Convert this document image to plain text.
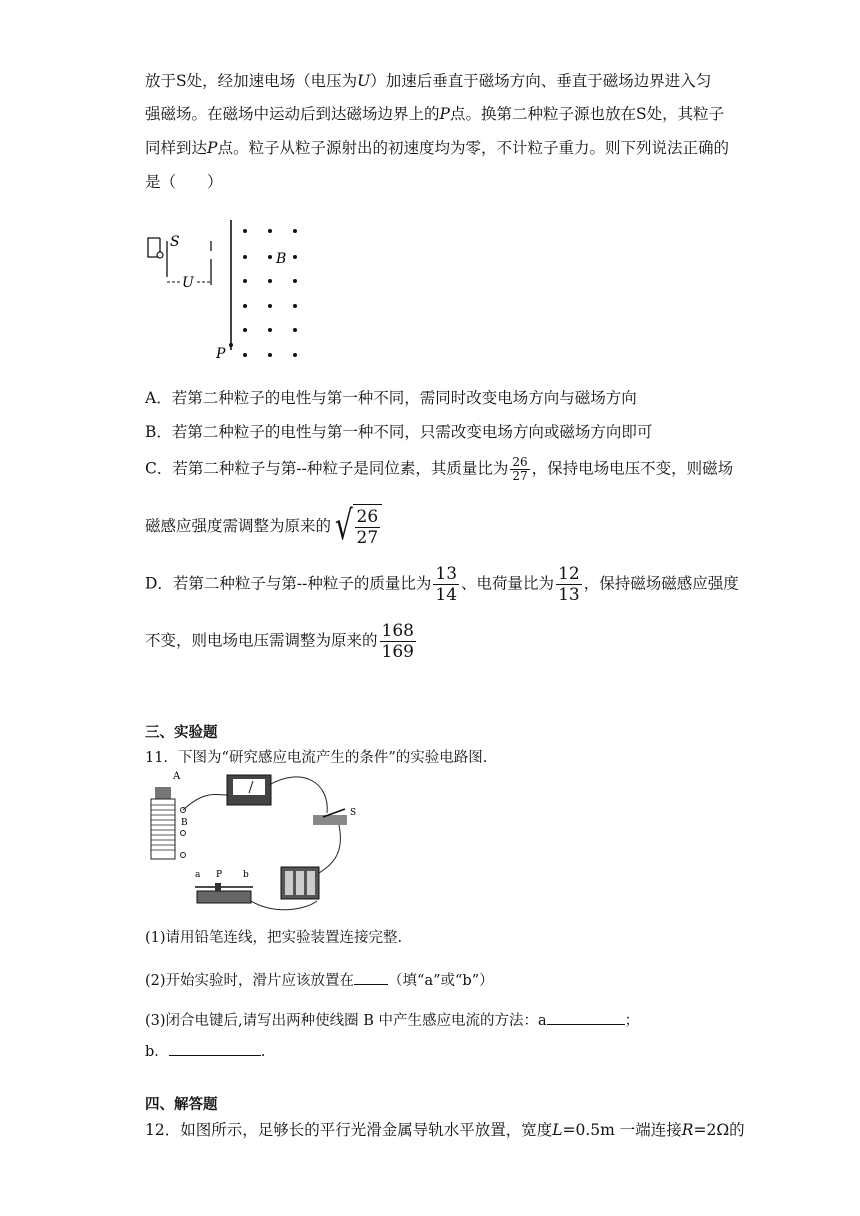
放于S处，经加速电场（电压为U）加速后垂直于磁场方向、垂直于磁场边界进入匀
强磁场。在磁场中运动后到达磁场边界上的P点。换第二种粒子源也放在S处，其粒子
同样到达P点。粒子从粒子源射出的初速度均为零，不计粒子重力。则下列说法正确的
是（　　）
S
U
P
B
A．若第二种粒子的电性与第一种不同，需同时改变电场方向与磁场方向
B．若第二种粒子的电性与第一种不同，只需改变电场方向或磁场方向即可
C．若第二种粒子与第--种粒子是同位素，其质量比为 $\frac{26}{27}$ ，保持电场电压不变，则磁场
磁感应强度需调整为原来的 √ $\frac{26}{27}$
D．若第二种粒子与第--种粒子的质量比为 $\frac{13}{14}$ 、电荷量比为 $\frac{12}{13}$ ，保持磁场磁感应强度
不变，则电场电压需调整为原来的 $\frac{168}{169}$
三、实验题
11．下图为“研究感应电流产生的条件”的实验电路图.
A
B
S
a P b
(1)请用铅笔连线，把实验装置连接完整.
(2)开始实验时，滑片应该放置在 （填“a”或“b”）
(3)闭合电键后,请写出两种使线圈 B 中产生感应电流的方法：a	；
b．	.
四、解答题
12．如图所示，足够长的平行光滑金属导轨水平放置，宽度L=0.5m 一端连接R=2Ω的
